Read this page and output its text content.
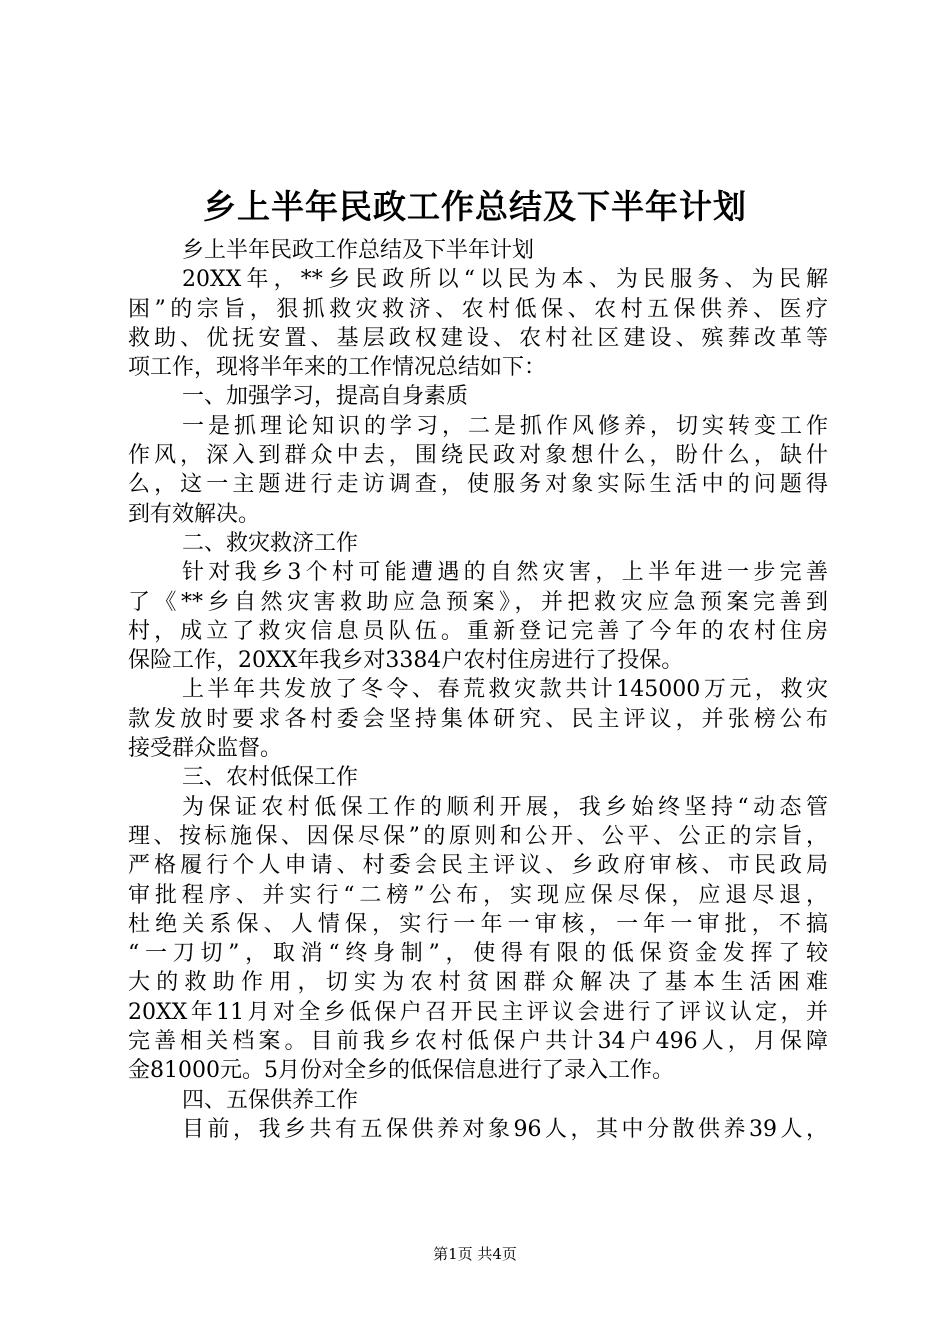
乡上半年民政工作总结及下半年计划
乡上半年民政工作总结及下半年计划
20XX年，**乡民政所以“以民为本、为民服务、为民解
困”的宗旨，狠抓救灾救济、农村低保、农村五保供养、医疗
救助、优抚安置、基层政权建设、农村社区建设、殡葬改革等
项工作，现将半年来的工作情况总结如下：
一、加强学习，提高自身素质
一是抓理论知识的学习，二是抓作风修养，切实转变工作
作风，深入到群众中去，围绕民政对象想什么，盼什么，缺什
么，这一主题进行走访调查，使服务对象实际生活中的问题得
到有效解决。
二、救灾救济工作
针对我乡3个村可能遭遇的自然灾害，上半年进一步完善
了《**乡自然灾害救助应急预案》，并把救灾应急预案完善到
村，成立了救灾信息员队伍。重新登记完善了今年的农村住房
保险工作，20XX年我乡对3384户农村住房进行了投保。
上半年共发放了冬令、春荒救灾款共计145000万元，救灾
款发放时要求各村委会坚持集体研究、民主评议，并张榜公布
接受群众监督。
三、农村低保工作
为保证农村低保工作的顺利开展，我乡始终坚持“动态管
理、按标施保、因保尽保”的原则和公开、公平、公正的宗旨，
严格履行个人申请、村委会民主评议、乡政府审核、市民政局
审批程序、并实行“二榜”公布，实现应保尽保，应退尽退，
杜绝关系保、人情保，实行一年一审核，一年一审批，不搞
“一刀切”，取消“终身制”，使得有限的低保资金发挥了较
大的救助作用，切实为农村贫困群众解决了基本生活困难
20XX年11月对全乡低保户召开民主评议会进行了评议认定，并
完善相关档案。目前我乡农村低保户共计34户496人，月保障
金81000元。5月份对全乡的低保信息进行了录入工作。
四、五保供养工作
目前，我乡共有五保供养对象96人，其中分散供养39人，
第1页 共4页
